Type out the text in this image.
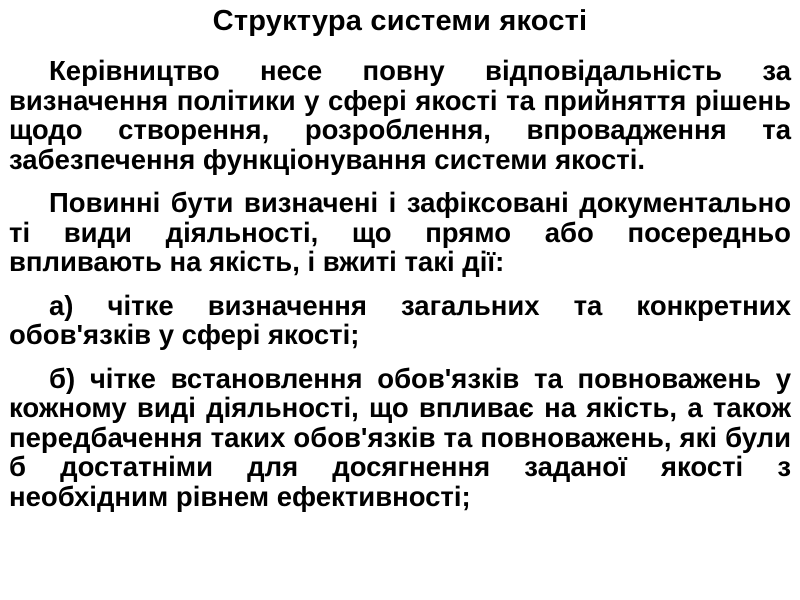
Структура системи якості

Керівництво несе повну відповідальність за визначення політики у сфері якості та прийняття рішень щодо створення, розроблення, впровадження та забезпечення функціонування системи якості.

Повинні бути визначені і зафіксовані документально ті види діяльності, що прямо або посередньо впливають на якість, і вжиті такі дії:

а) чітке визначення загальних та конкретних обов'язків у сфері якості;

б) чітке встановлення обов'язків та повноважень у кожному виді діяльності, що впливає на якість, а також передбачення таких обов'язків та повноважень, які були б достатніми для досягнення заданої якості з необхідним рівнем ефективності;
